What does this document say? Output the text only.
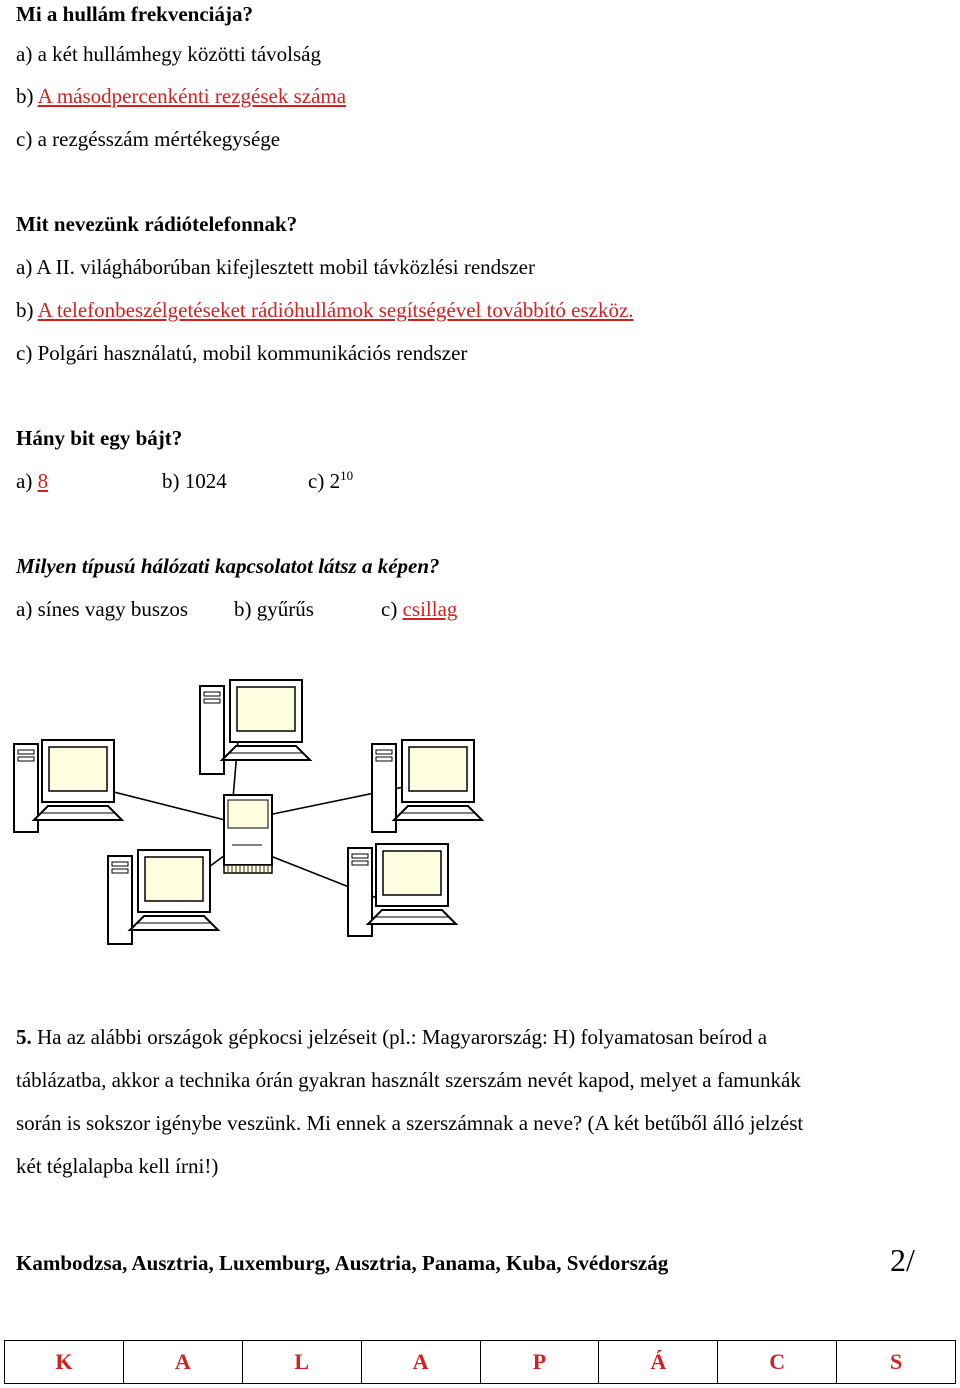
Mi a hullám frekvenciája?
a) a két hullámhegy közötti távolság
b) A másodpercenkénti rezgések száma
c) a rezgésszám mértékegysége
Mit nevezünk rádiótelefonnak?
a) A II. világháborúban kifejlesztett mobil távközlési rendszer
b) A telefonbeszélgetéseket rádióhullámok segítségével továbbító eszköz.
c) Polgári használatú, mobil kommunikációs rendszer
Hány bit egy bájt?
a) 8	b) 1024	c) $2^{10}$
Milyen típusú hálózati kapcsolatot látsz a képen?
a) sínes vagy buszos b) gyűrűs	c) csillag
5. Ha az alábbi országok gépkocsi jelzéseit (pl.: Magyarország: H) folyamatosan beírod a
táblázatba, akkor a technika órán gyakran használt szerszám nevét kapod, melyet a famunkák
során is sokszor igénybe veszünk. Mi ennek a szerszámnak a neve? (A két betűből álló jelzést
két téglalapba kell írni!)
Kambodzsa, Ausztria, Luxemburg, Ausztria, Panama, Kuba, Svédország	2/
K	A	L	A	P	Á	C	S
